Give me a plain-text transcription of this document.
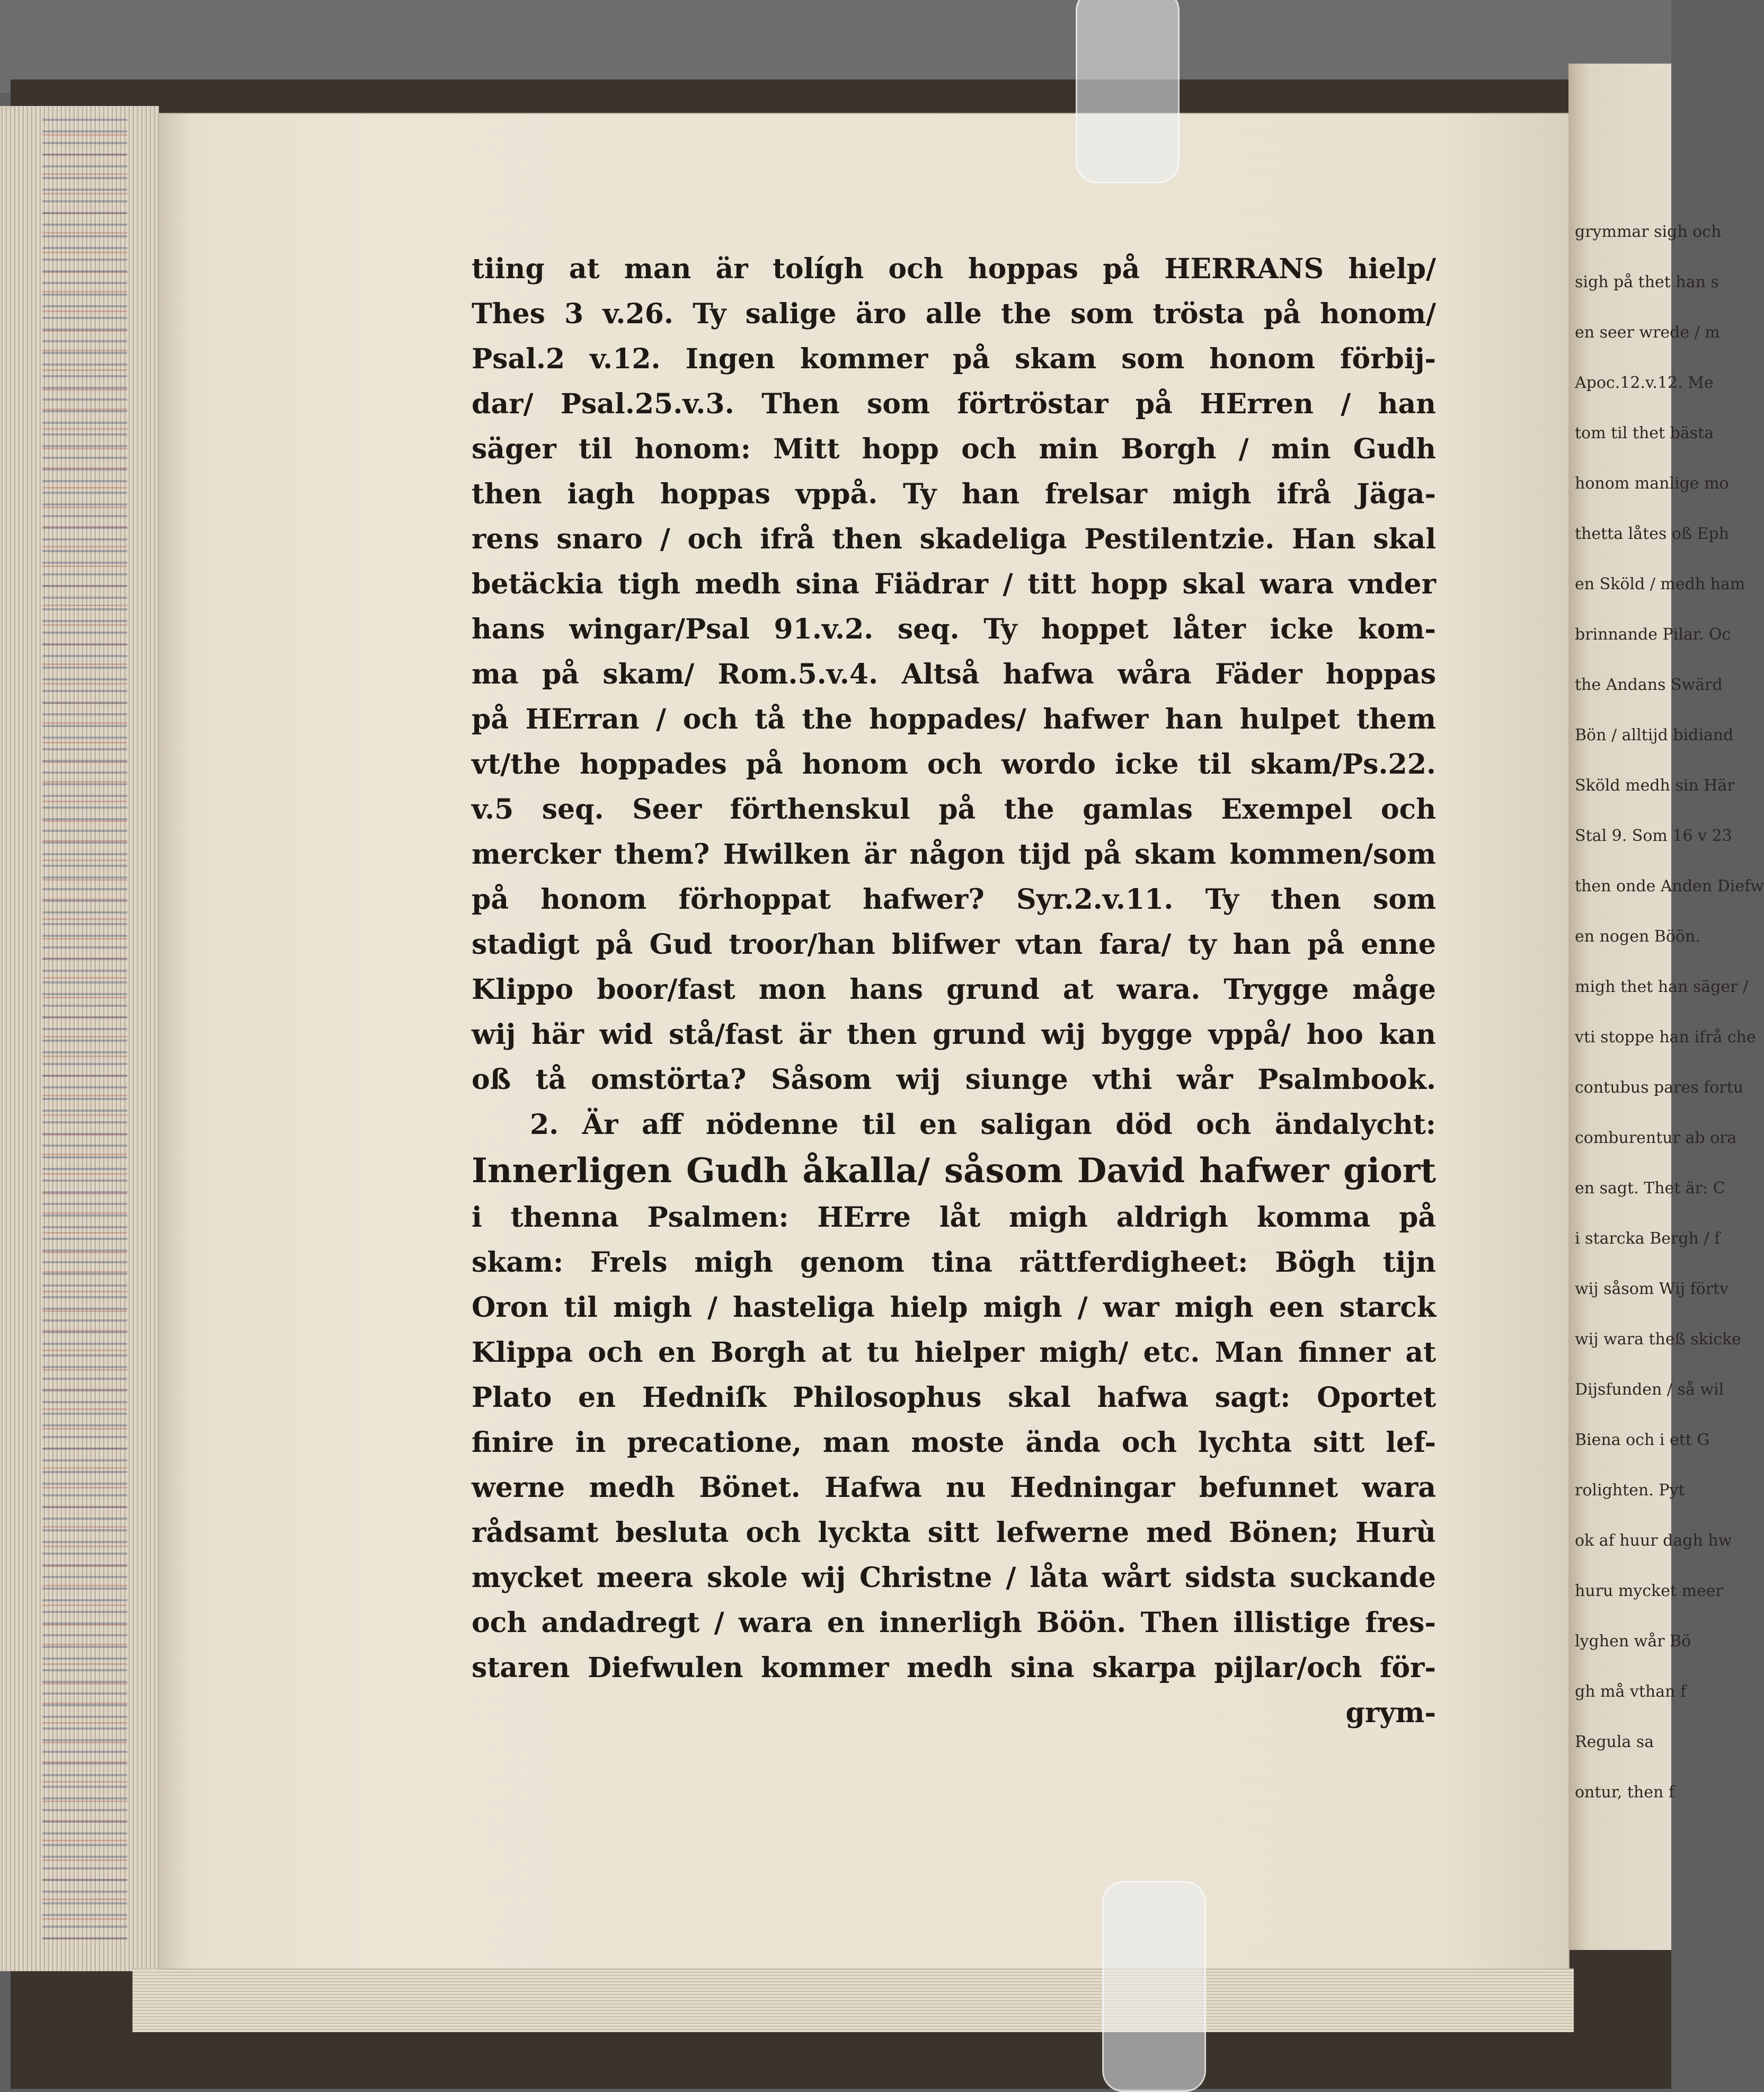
grymmar sigh och
sigh på thet han s
en seer wrede / m
Apoc.12.v.12. Me
tom til thet bästa
honom manlige mo
thetta låtes oß Eph
en Sköld / medh ham
brinnande Pilar. Oc
the Andans Swärd
Bön / alltijd bidiand
Sköld medh sin Här
Stal 9. Som 16 v 23
then onde Anden Diefw
en nogen Böön.
migh thet han säger /
vti stoppe han ifrå che
contubus pares fortu
comburentur ab ora
en sagt. Thet är: C
i starcka Bergh / f
wij såsom Wij förtv
wij wara theß skicke
Dijsfunden / så wil
Biena och i ett G
rolighten. Pyt
ok af huur dagh hw
huru mycket meer
lyghen wår Bö
gh må vthan f
Regula sa
ontur, then f
tiing at man är tolígh och hoppas på HERRANS hielp/
Thes 3 v.26. Ty salige äro alle the som trösta på honom/
Psal.2 v.12. Ingen kommer på skam som honom förbij-
dar/ Psal.25.v.3. Then som förtröstar på HErren / han
säger til honom: Mitt hopp och min Borgh / min Gudh
then iagh hoppas vppå. Ty han frelsar migh ifrå Jäga-
rens snaro / och ifrå then skadeliga Pestilentzie. Han skal
betäckia tigh medh sina Fiädrar / titt hopp skal wara vnder
hans wingar/Psal 91.v.2. seq. Ty hoppet låter icke kom-
ma på skam/ Rom.5.v.4. Altså hafwa wåra Fäder hoppas
på HErran / och tå the hoppades/ hafwer han hulpet them
vt/the hoppades på honom och wordo icke til skam/Ps.22.
v.5 seq. Seer förthenskul på the gamlas Exempel och
mercker them? Hwilken är någon tijd på skam kommen/som
på honom förhoppat hafwer? Syr.2.v.11. Ty then som
stadigt på Gud troor/han blifwer vtan fara/ ty han på enne
Klippo boor/fast mon hans grund at wara. Trygge måge
wij här wid stå/fast är then grund wij bygge vppå/ hoo kan
oß tå omstörta? Såsom wij siunge vthi wår Psalmbook.
2. Är aff nödenne til en saligan död och ändalycht:
Innerligen Gudh åkalla/ såsom David hafwer giort
i thenna Psalmen: HErre låt migh aldrigh komma på
skam: Frels migh genom tina rättferdigheet: Bögh tijn
Oron til migh / hasteliga hielp migh / war migh een starck
Klippa och en Borgh at tu hielper migh/ etc. Man finner at
Plato en Hedniſk Philosophus skal hafwa sagt: Oportet
finire in precatione, man moste ända och lychta sitt lef-
werne medh Bönet. Hafwa nu Hedningar befunnet wara
rådsamt besluta och lyckta sitt lefwerne med Bönen; Hurù
mycket meera skole wij Christne / låta wårt sidsta suckande
och andadregt / wara en innerligh Böön. Then illistige fres-
staren Diefwulen kommer medh sina skarpa pijlar/och för-
grym-
